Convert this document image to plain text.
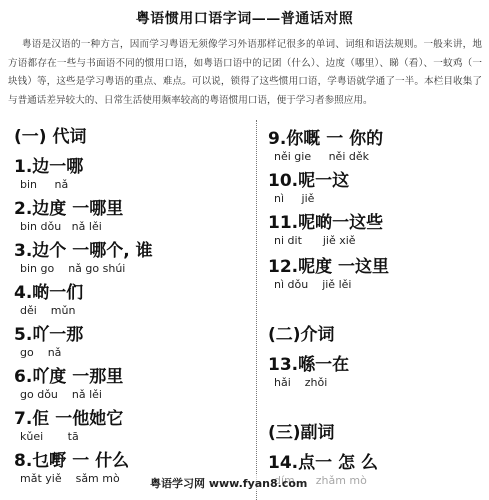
粤语惯用口语字词——普通话对照
粤语是汉语的一种方言，因而学习粤语无须像学习外语那样记很多的单词、词组和语法规则。一般来讲，地方语都存在一些与书面语不同的惯用口语，如粤语口语中的记团（什么）、边度（哪里）、睇（看）、一蚊鸡（一块钱）等，这些是学习粤语的重点、难点。可以说，锁得了这些惯用口语，学粤语就学通了一半。本栏目收集了与普通话差异较大的、日常生活使用频率较高的粤语惯用口语，便于学习者参照应用。
(一) 代词
1.边一哪
bin     nǎ
2.边度 一哪里
bin dǒu   nǎ lěi
3.边个 一哪个, 谁
bin go    nǎ go shúi
4.啲一们
děi    mǔn
5.吖一那
go    nǎ
6.吖度 一那里
go dǒu    nǎ lěi
7.佢 一他她它
kǔei       tā
8.乜嘢 一 什么
mǎt yiě    sǎm mò
9.你嘅 一 你的
něi gie     něi děk
10.呢一这
nì     jiě
11.呢啲一这些
ni dit      jiě xiě
12.呢度 一这里
nì dǒu    jiě lěi
(二)介词
13.喺一在
hǎi    zhǒi
(三)副词
14.点一 怎 么
粤语学习网 www.fyan8.com
